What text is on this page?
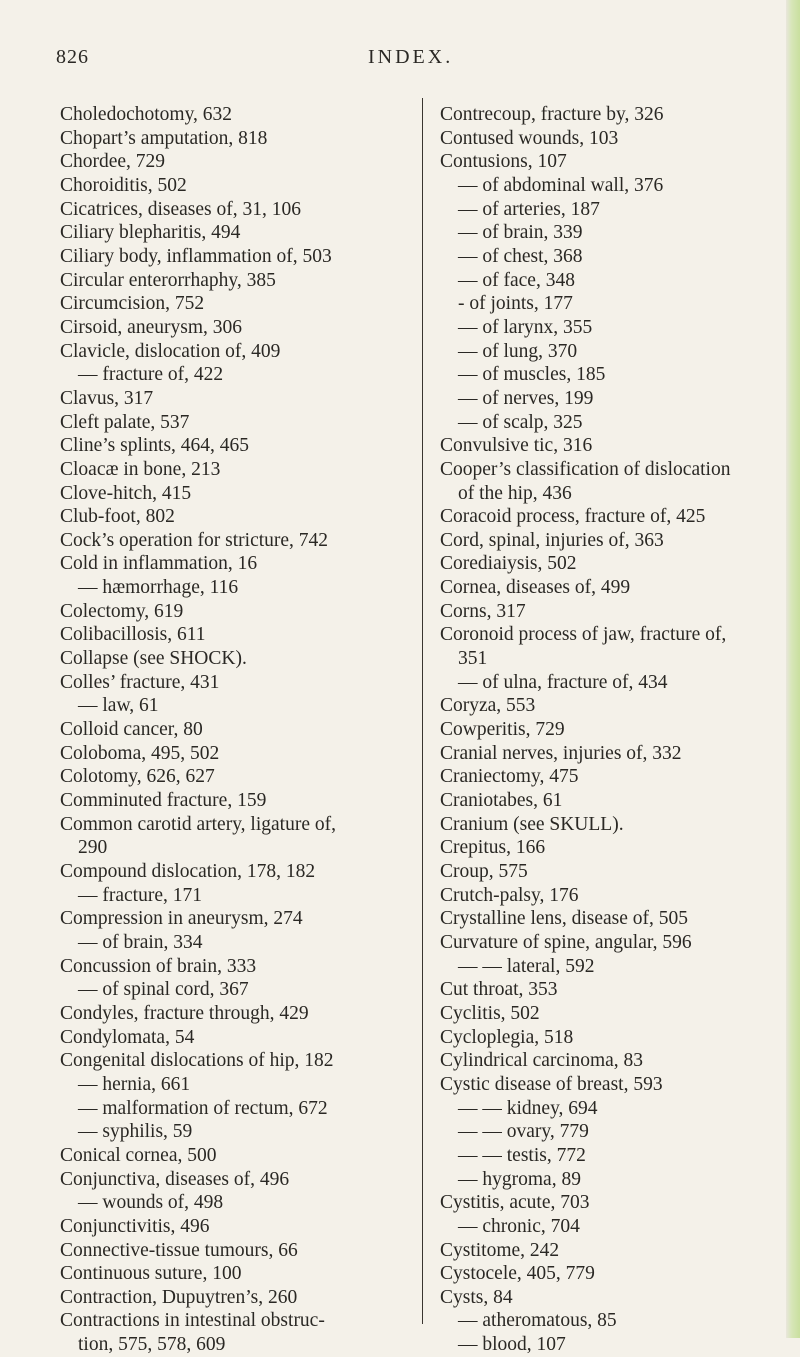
826	INDEX.
Choledochotomy, 632
Chopart’s amputation, 818
Chordee, 729
Choroiditis, 502
Cicatrices, diseases of, 31, 106
Ciliary blepharitis, 494
Ciliary body, inflammation of, 503
Circular enterorrhaphy, 385
Circumcision, 752
Cirsoid, aneurysm, 306
Clavicle, dislocation of, 409
— fracture of, 422
Clavus, 317
Cleft palate, 537
Cline’s splints, 464, 465
Cloacæ in bone, 213
Clove-hitch, 415
Club-foot, 802
Cock’s operation for stricture, 742
Cold in inflammation, 16
— hæmorrhage, 116
Colectomy, 619
Colibacillosis, 611
Collapse (see SHOCK).
Colles’ fracture, 431
— law, 61
Colloid cancer, 80
Coloboma, 495, 502
Colotomy, 626, 627
Comminuted fracture, 159
Common carotid artery, ligature of,
290
Compound dislocation, 178, 182
— fracture, 171
Compression in aneurysm, 274
— of brain, 334
Concussion of brain, 333
— of spinal cord, 367
Condyles, fracture through, 429
Condylomata, 54
Congenital dislocations of hip, 182
— hernia, 661
— malformation of rectum, 672
— syphilis, 59
Conical cornea, 500
Conjunctiva, diseases of, 496
— wounds of, 498
Conjunctivitis, 496
Connective-tissue tumours, 66
Continuous suture, 100
Contraction, Dupuytren’s, 260
Contractions in intestinal obstruc-
tion, 575, 578, 609
Contrecoup, fracture by, 326
Contused wounds, 103
Contusions, 107
— of abdominal wall, 376
— of arteries, 187
— of brain, 339
— of chest, 368
— of face, 348
- of joints, 177
— of larynx, 355
— of lung, 370
— of muscles, 185
— of nerves, 199
— of scalp, 325
Convulsive tic, 316
Cooper’s classification of dislocation
of the hip, 436
Coracoid process, fracture of, 425
Cord, spinal, injuries of, 363
Corediaiysis, 502
Cornea, diseases of, 499
Corns, 317
Coronoid process of jaw, fracture of,
351
— of ulna, fracture of, 434
Coryza, 553
Cowperitis, 729
Cranial nerves, injuries of, 332
Craniectomy, 475
Craniotabes, 61
Cranium (see SKULL).
Crepitus, 166
Croup, 575
Crutch-palsy, 176
Crystalline lens, disease of, 505
Curvature of spine, angular, 596
— — lateral, 592
Cut throat, 353
Cyclitis, 502
Cycloplegia, 518
Cylindrical carcinoma, 83
Cystic disease of breast, 593
— — kidney, 694
— — ovary, 779
— — testis, 772
— hygroma, 89
Cystitis, acute, 703
— chronic, 704
Cystitome, 242
Cystocele, 405, 779
Cysts, 84
— atheromatous, 85
— blood, 107
